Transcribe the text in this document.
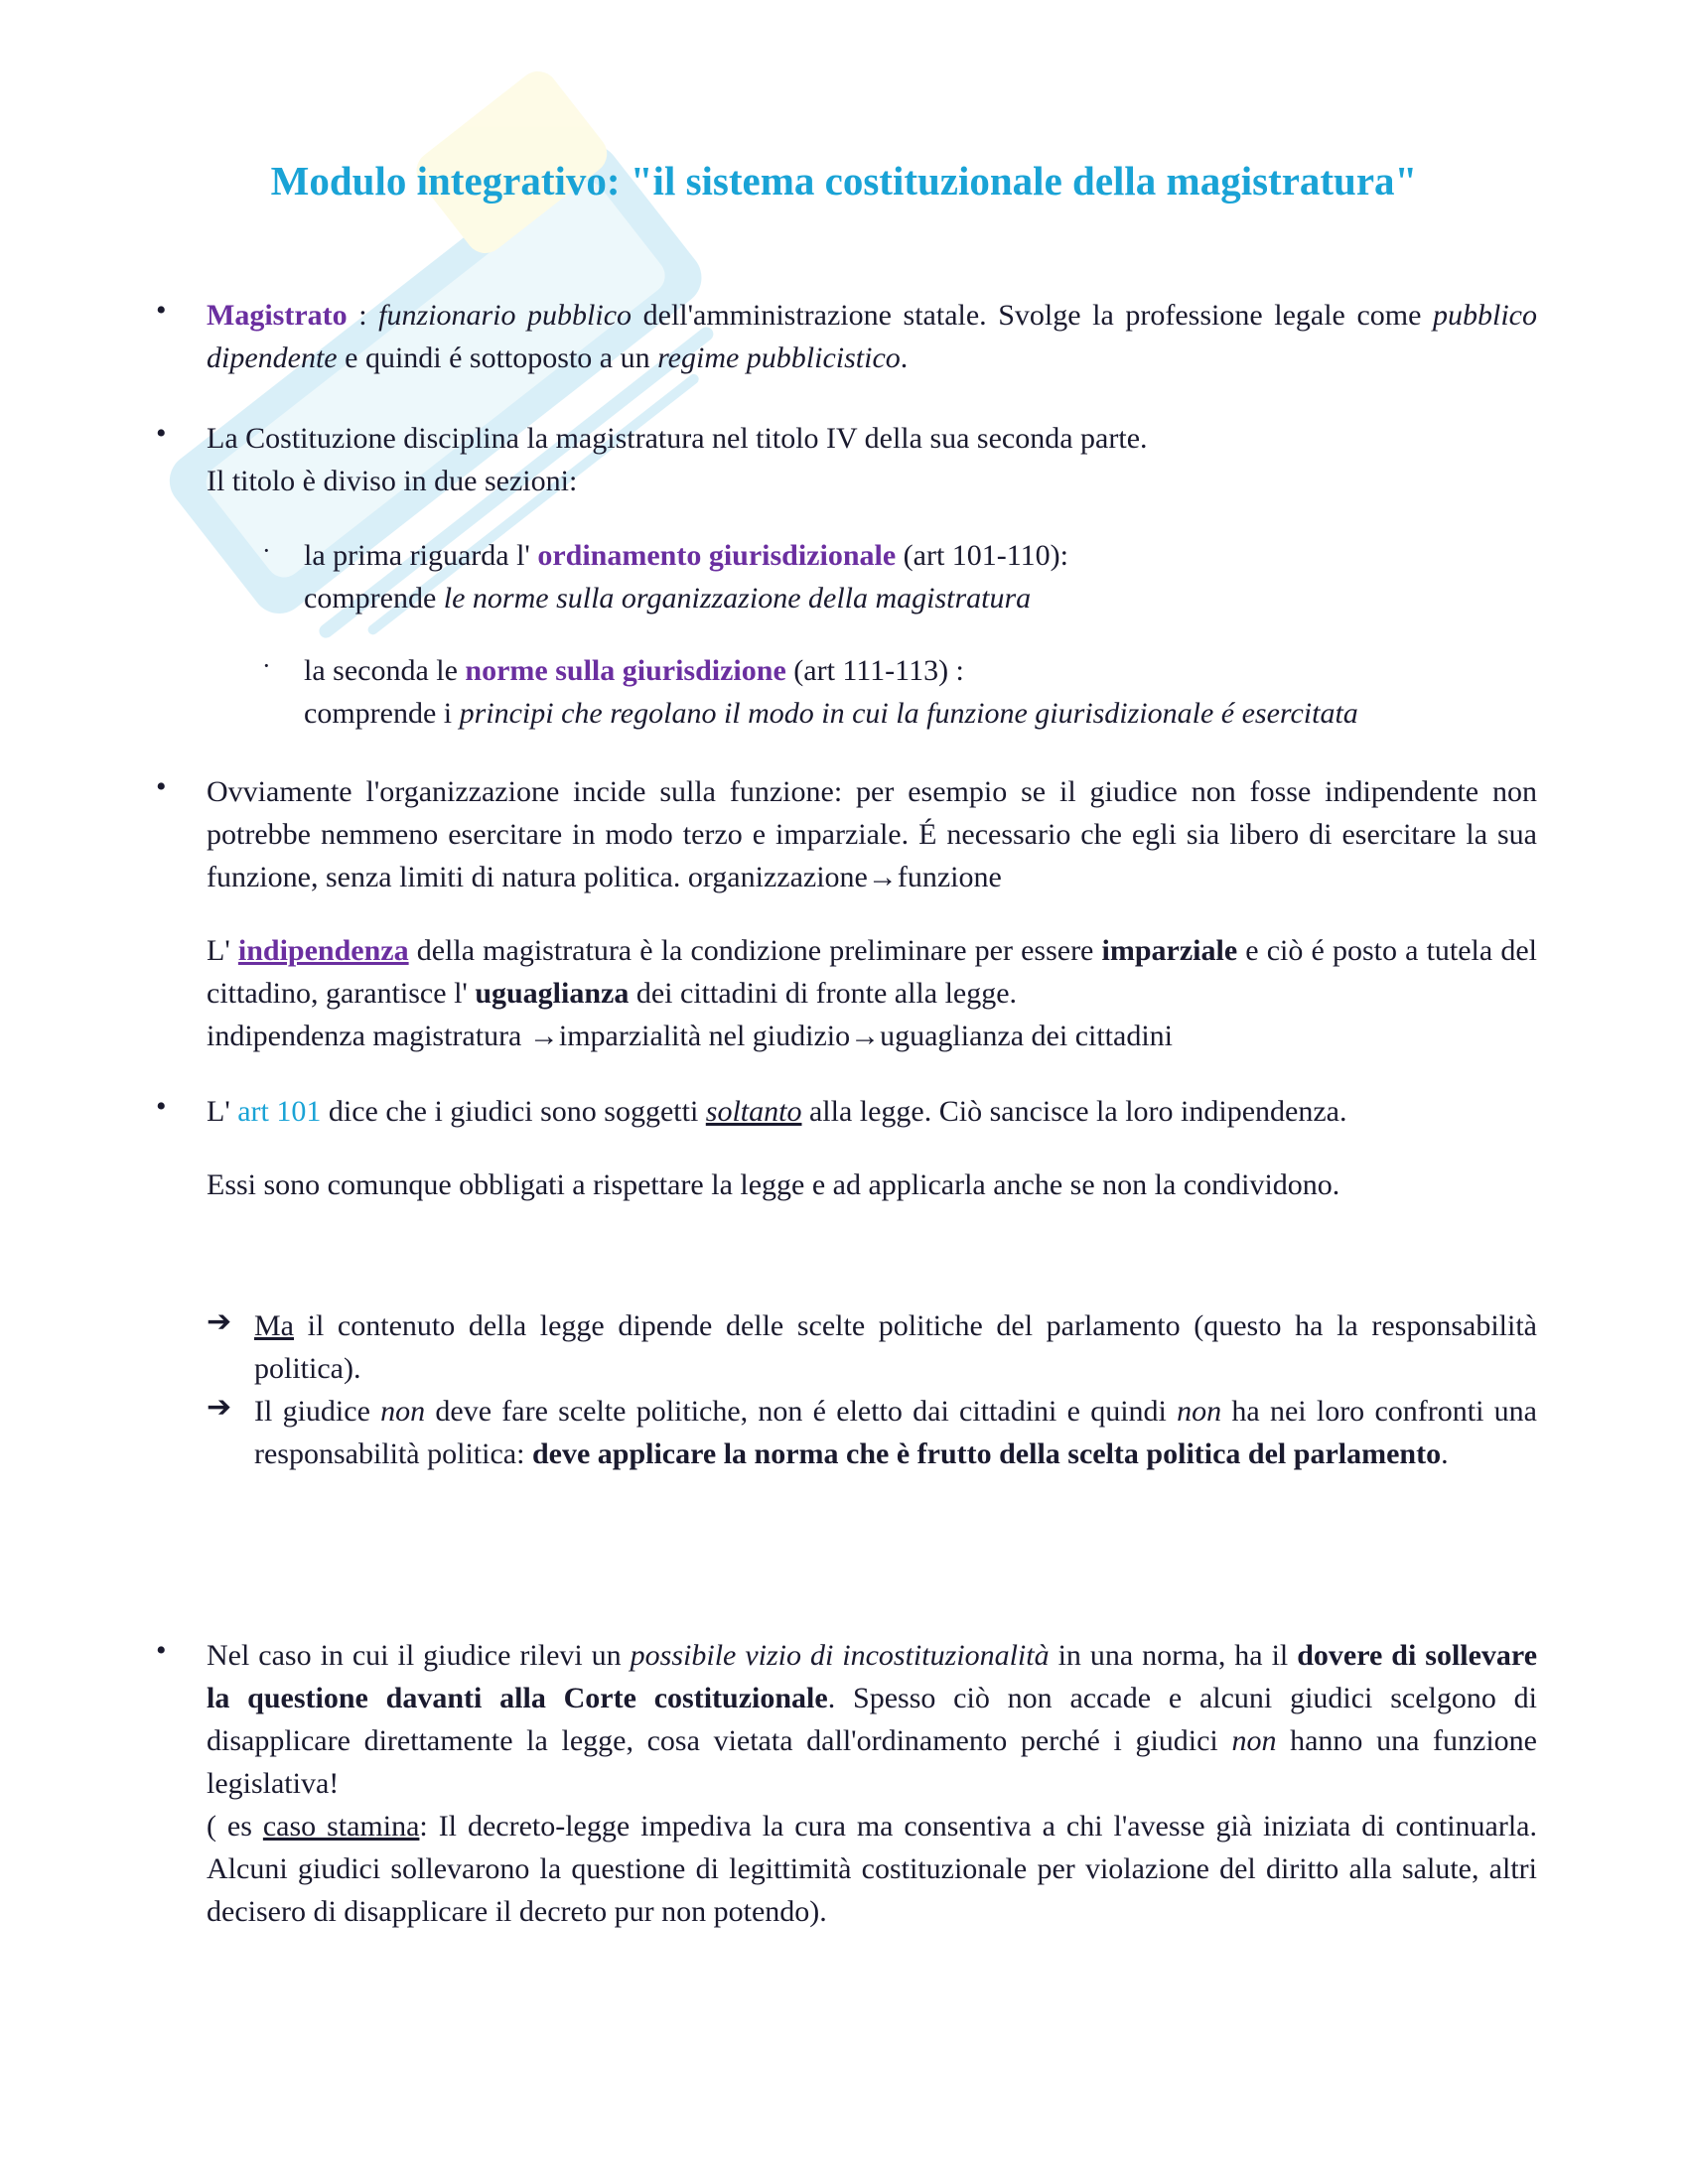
Modulo integrativo: "il sistema costituzionale della magistratura"
• Magistrato : funzionario pubblico dell'amministrazione statale. Svolge la professione legale come pubblico dipendente e quindi é sottoposto a un regime pubblicistico.
• La Costituzione disciplina la magistratura nel titolo IV della sua seconda parte.

Il titolo è diviso in due sezioni:

· la prima riguarda l' ordinamento giurisdizionale (art 101-110):

comprende le norme sulla organizzazione della magistratura

· la seconda le norme sulla giurisdizione (art 111-113) :

comprende i principi che regolano il modo in cui la funzione giurisdizionale é esercitata

• Ovviamente l'organizzazione incide sulla funzione: per esempio se il giudice non fosse indipendente non potrebbe nemmeno esercitare in modo terzo e imparziale. É necessario che egli sia libero di esercitare la sua funzione, senza limiti di natura politica. organizzazione→funzione
L' indipendenza della magistratura è la condizione preliminare per essere imparziale e ciò é posto a tutela del cittadino, garantisce l' uguaglianza dei cittadini di fronte alla legge.
indipendenza magistratura →imparzialità nel giudizio→uguaglianza dei cittadini
• L' art 101 dice che i giudici sono soggetti soltanto alla legge. Ciò sancisce la loro indipendenza.
Essi sono comunque obbligati a rispettare la legge e ad applicarla anche se non la condividono.
➔ Ma il contenuto della legge dipende delle scelte politiche del parlamento (questo ha la responsabilità politica).
➔ Il giudice non deve fare scelte politiche, non é eletto dai cittadini e quindi non ha nei loro confronti una responsabilità politica: deve applicare la norma che è frutto della scelta politica del parlamento.
• Nel caso in cui il giudice rilevi un possibile vizio di incostituzionalità in una norma, ha il dovere di sollevare la questione davanti alla Corte costituzionale. Spesso ciò non accade e alcuni giudici scelgono di disapplicare direttamente la legge, cosa vietata dall'ordinamento perché i giudici non hanno una funzione legislativa!
( es caso stamina: Il decreto-legge impediva la cura ma consentiva a chi l'avesse già iniziata di continuarla. Alcuni giudici sollevarono la questione di legittimità costituzionale per violazione del diritto alla salute, altri decisero di disapplicare il decreto pur non potendo).
